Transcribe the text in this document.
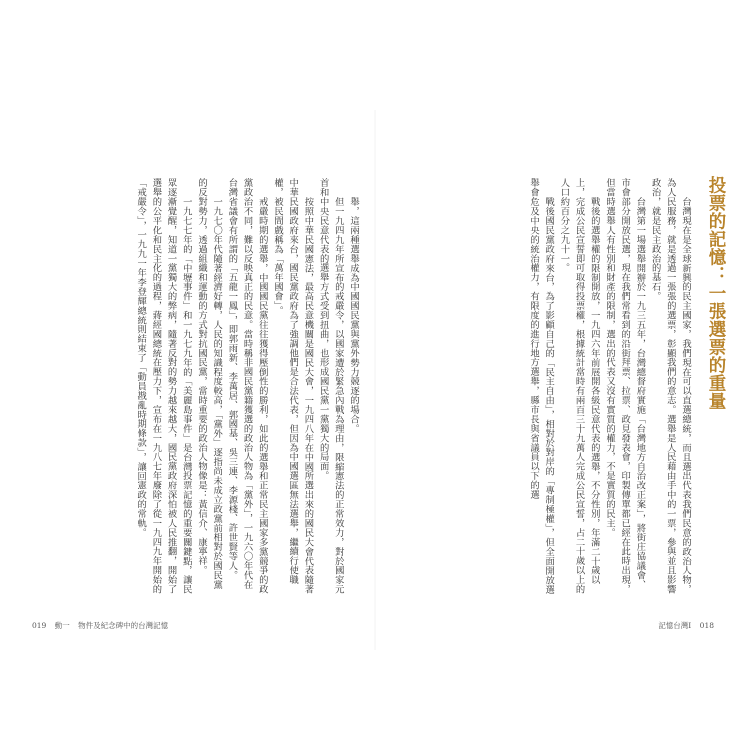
舉，這兩種選舉成為中國國民黨與黨外勢力競逐的場合。

但一九四九年所宣布的戒嚴令，以國家遭於緊急內戰為理由，限縮憲法的正常效力，對於國家元首和中央民意代表的選舉方式受到扭曲，也形成國民黨一黨獨大的局面。

按照中華民國憲法，最高民意機關是國民大會，一九四八年在中國所選出來的國民大會代表隨著中華民國政府來台，國民黨政府為了強調他們是合法代表，但因為中國選區無法選舉，繼續行使職權，被民間戲稱為「萬年國會」。

戒嚴時期的選舉，中國國民黨往往獲得壓倒性的勝利，如此的選舉和正常民主國家多黨競爭的政黨政治不同，難以反映真正的民意。當時稱非國民黨籍獲選的政治人物為「黨外」，一九六〇年代在台灣省議會有所謂的「五龍一鳳」，即郭雨新、李萬居、郭國基、吳三連、李源棧、許世賢等人。

一九七〇年代隨著經濟好轉，人民的知識程度較高，「黨外」逐指尚未成立政黨前相對於國民黨的反對勢力，透過組織和運動的方式對抗國民黨，當時重要的政治人物像是：黃信介、康寧祥。

一九七七年的「中壢事件」和一九七九年的「美麗島事件」是台灣投票記憶的重要關鍵點，讓民眾逐漸覺醒，知道一黨獨大的弊病，隨著反對的勢力越來越大，國民黨政府深怕被人民推翻，開始了選舉的公平化和民主化的過程，蔣經國總統在壓力下，宣布在一九八七年廢除了從一九四九年開始的「戒嚴令」，一九九一年李登輝總統則結束了「動員戡亂時期條款」，讓回憲政的常軌。	投票的記憶：一張選票的重量

台灣現在是全球新興的民主國家，我們現在可以直選總統，而且選出代表我們民意的政治人物，為人民服務，就是透過一張張的選票，彰顯我們的意志。選舉是人民藉由手中的一票，參與並且影響政治，就是民主政治的基石。

台灣第一場選舉開辦於一九三五年，台灣總督府實施「台灣地方自治改正案」，將街庄協議會、市會部分開放民選，現在我們常看到的沿街拜票、拉票、政見發表會，印製傳單都已經在此時出現，但當時選舉人有性別和財產的限制，選出的代表又沒有實質的權力，不是實質的民主。

戰後的選舉權的限制開放，一九四六年前展開各級民意代表的選舉，不分性別，年滿二十歲以上，完成公民宣誓即可取得投票權，根據統計當時有兩百三十九萬人完成公民宣誓，占二十歲以上的人口約百分之九十一。

戰後國民黨政府來台，為了影顧自己的「民主自由」，相對於對岸的「專制極權」，但全面開放選舉會危及中央的統治權力，有限度的進行地方選舉，縣市長與省議員以下的選

019 動一 物件及紀念碑中的台灣記憶	記憶台灣Ⅰ 018
